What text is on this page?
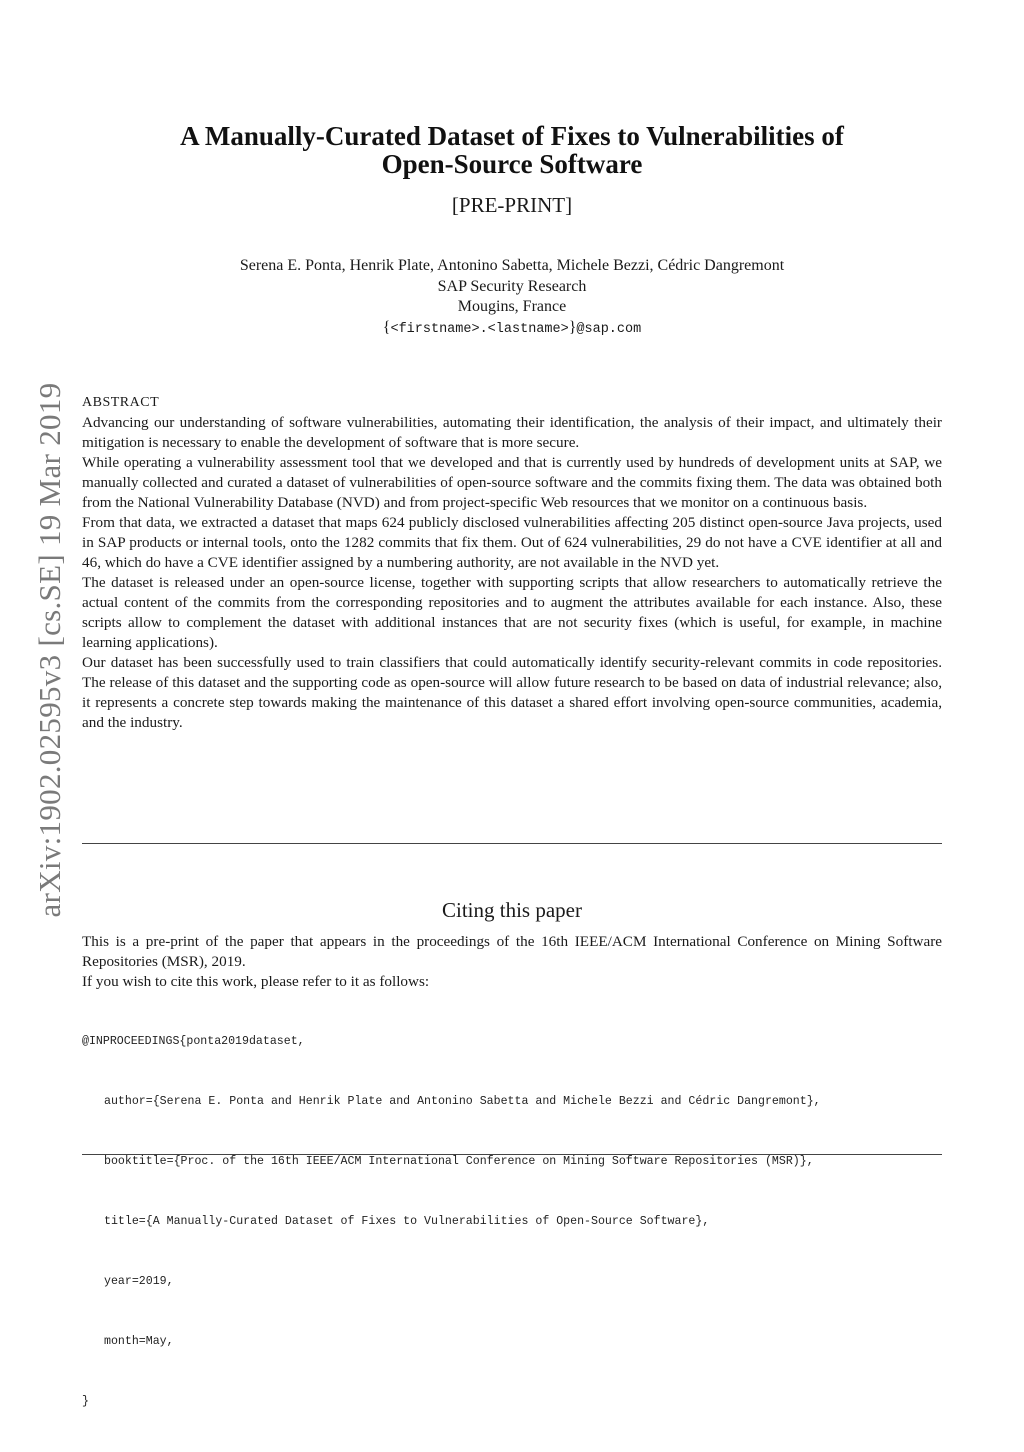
arXiv:1902.02595v3 [cs.SE] 19 Mar 2019
A Manually-Curated Dataset of Fixes to Vulnerabilities of
Open-Source Software
[PRE-PRINT]
Serena E. Ponta, Henrik Plate, Antonino Sabetta, Michele Bezzi, Cédric Dangremont
SAP Security Research
Mougins, France
{<firstname>.<lastname>}@sap.com
ABSTRACT

Advancing our understanding of software vulnerabilities, automating their identification, the analysis of their impact, and ultimately their mitigation is necessary to enable the development of software that is more secure.

While operating a vulnerability assessment tool that we developed and that is currently used by hundreds of development units at SAP, we manually collected and curated a dataset of vulnerabilities of open-source software and the commits fixing them. The data was obtained both from the National Vulnerability Database (NVD) and from project-specific Web resources that we monitor on a continuous basis.

From that data, we extracted a dataset that maps 624 publicly disclosed vulnerabilities affecting 205 distinct open-source Java projects, used in SAP products or internal tools, onto the 1282 commits that fix them. Out of 624 vulnerabilities, 29 do not have a CVE identifier at all and 46, which do have a CVE identifier assigned by a numbering authority, are not available in the NVD yet.

The dataset is released under an open-source license, together with supporting scripts that allow researchers to automatically retrieve the actual content of the commits from the corresponding repositories and to augment the attributes available for each instance. Also, these scripts allow to complement the dataset with additional instances that are not security fixes (which is useful, for example, in machine learning applications).

Our dataset has been successfully used to train classifiers that could automatically identify security-relevant commits in code repositories. The release of this dataset and the supporting code as open-source will allow future research to be based on data of industrial relevance; also, it represents a concrete step towards making the maintenance of this dataset a shared effort involving open-source communities, academia, and the industry.

Citing this paper

This is a pre-print of the paper that appears in the proceedings of the 16th IEEE/ACM International Conference on Mining Software Repositories (MSR), 2019.

If you wish to cite this work, please refer to it as follows:

@INPROCEEDINGS{ponta2019dataset,

author={Serena E. Ponta and Henrik Plate and Antonino Sabetta and Michele Bezzi and Cédric Dangremont},

booktitle={Proc. of the 16th IEEE/ACM International Conference on Mining Software Repositories (MSR)},

title={A Manually-Curated Dataset of Fixes to Vulnerabilities of Open-Source Software},

year=2019,

month=May,

}
